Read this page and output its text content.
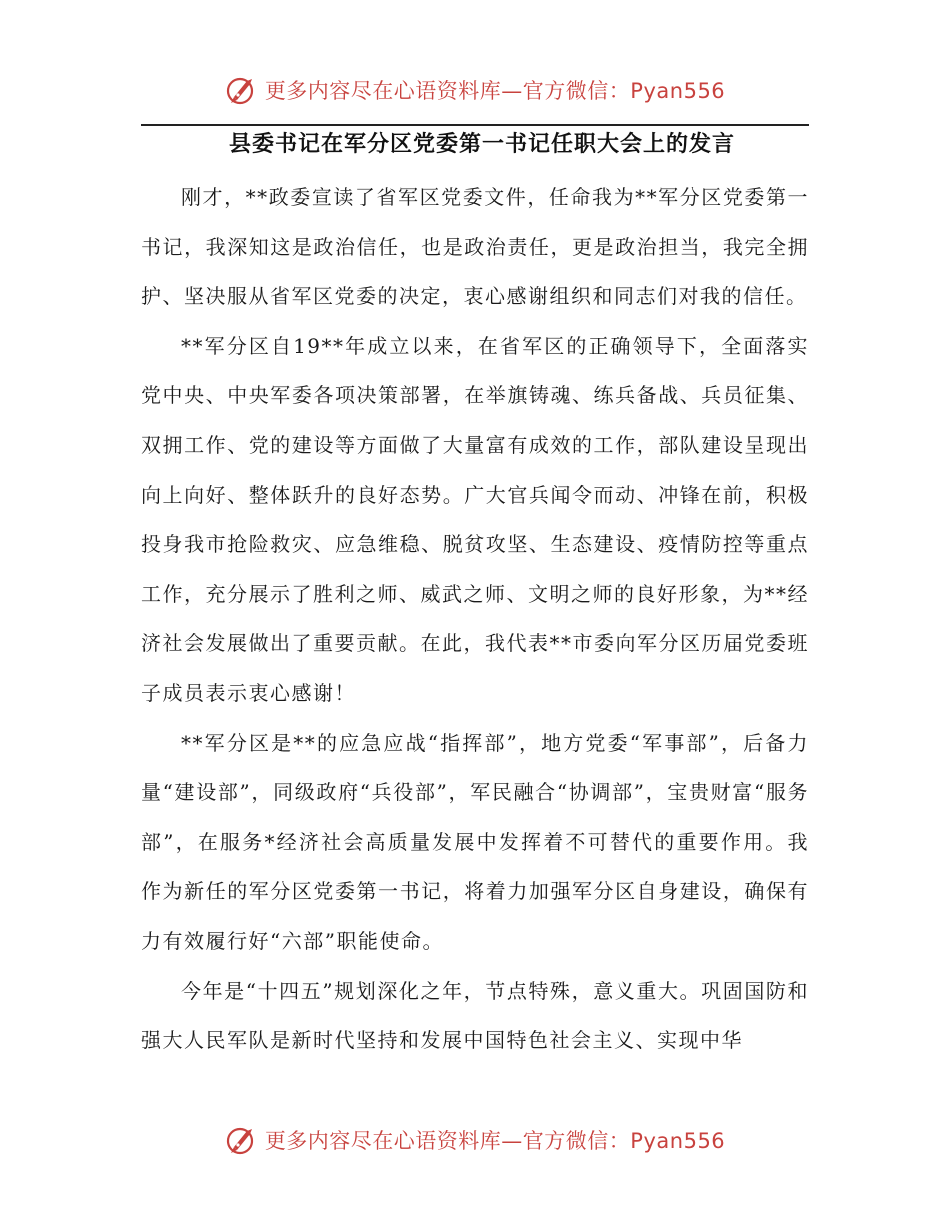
更多内容尽在心语资料库—官方微信：Pyan556
县委书记在军分区党委第一书记任职大会上的发言

刚才，**政委宣读了省军区党委文件，任命我为**军分区党委第一书记，我深知这是政治信任，也是政治责任，更是政治担当，我完全拥护、坚决服从省军区党委的决定，衷心感谢组织和同志们对我的信任。

**军分区自19**年成立以来，在省军区的正确领导下，全面落实党中央、中央军委各项决策部署，在举旗铸魂、练兵备战、兵员征集、双拥工作、党的建设等方面做了大量富有成效的工作，部队建设呈现出向上向好、整体跃升的良好态势。广大官兵闻令而动、冲锋在前，积极投身我市抢险救灾、应急维稳、脱贫攻坚、生态建设、疫情防控等重点工作，充分展示了胜利之师、威武之师、文明之师的良好形象，为**经济社会发展做出了重要贡献。在此，我代表**市委向军分区历届党委班子成员表示衷心感谢！

**军分区是**的应急应战“指挥部”，地方党委“军事部”，后备力量“建设部”，同级政府“兵役部”，军民融合“协调部”，宝贵财富“服务部”，在服务*经济社会高质量发展中发挥着不可替代的重要作用。我作为新任的军分区党委第一书记，将着力加强军分区自身建设，确保有力有效履行好“六部”职能使命。

今年是“十四五”规划深化之年，节点特殊，意义重大。巩固国防和强大人民军队是新时代坚持和发展中国特色社会主义、实现中华

更多内容尽在心语资料库—官方微信：Pyan556
